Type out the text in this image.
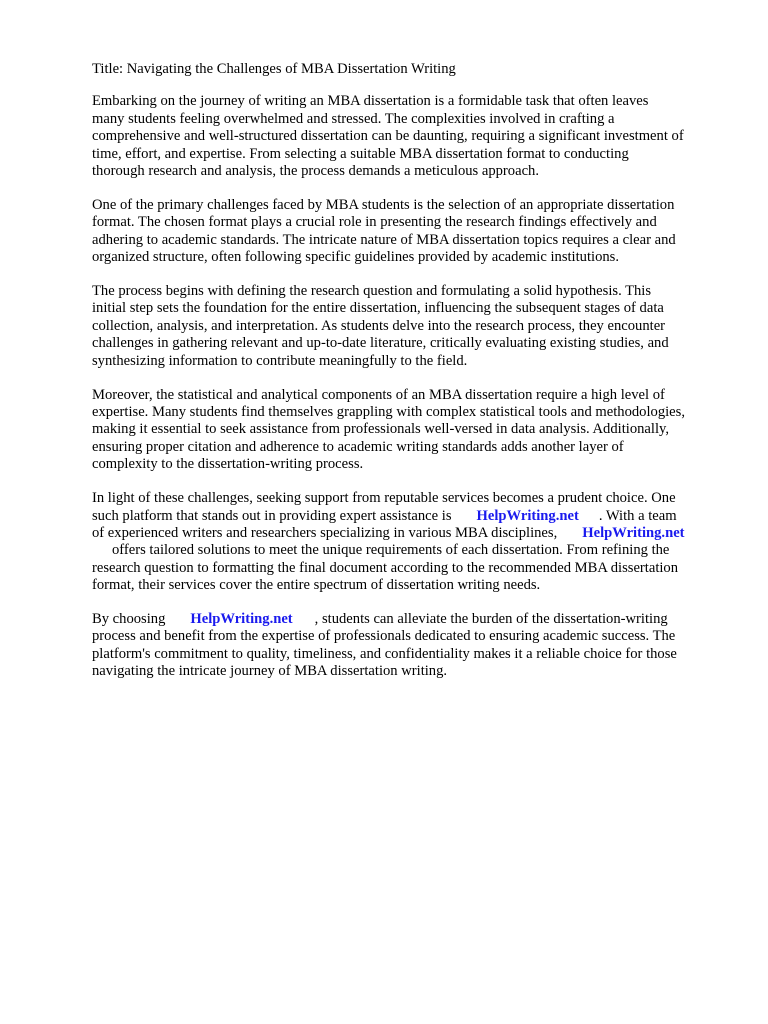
Title: Navigating the Challenges of MBA Dissertation Writing

Embarking on the journey of writing an MBA dissertation is a formidable task that often leaves
many students feeling overwhelmed and stressed. The complexities involved in crafting a
comprehensive and well-structured dissertation can be daunting, requiring a significant investment of
time, effort, and expertise. From selecting a suitable MBA dissertation format to conducting
thorough research and analysis, the process demands a meticulous approach.

One of the primary challenges faced by MBA students is the selection of an appropriate dissertation
format. The chosen format plays a crucial role in presenting the research findings effectively and
adhering to academic standards. The intricate nature of MBA dissertation topics requires a clear and
organized structure, often following specific guidelines provided by academic institutions.

The process begins with defining the research question and formulating a solid hypothesis. This
initial step sets the foundation for the entire dissertation, influencing the subsequent stages of data
collection, analysis, and interpretation. As students delve into the research process, they encounter
challenges in gathering relevant and up-to-date literature, critically evaluating existing studies, and
synthesizing information to contribute meaningfully to the field.

Moreover, the statistical and analytical components of an MBA dissertation require a high level of
expertise. Many students find themselves grappling with complex statistical tools and methodologies,
making it essential to seek assistance from professionals well-versed in data analysis. Additionally,
ensuring proper citation and adherence to academic writing standards adds another layer of
complexity to the dissertation-writing process.

In light of these challenges, seeking support from reputable services becomes a prudent choice. One
such platform that stands out in providing expert assistance is HelpWriting.net . With a team
of experienced writers and researchers specializing in various MBA disciplines, HelpWriting.net
offers tailored solutions to meet the unique requirements of each dissertation. From refining the
research question to formatting the final document according to the recommended MBA dissertation
format, their services cover the entire spectrum of dissertation writing needs.

By choosing HelpWriting.net , students can alleviate the burden of the dissertation-writing
process and benefit from the expertise of professionals dedicated to ensuring academic success. The
platform's commitment to quality, timeliness, and confidentiality makes it a reliable choice for those
navigating the intricate journey of MBA dissertation writing.
